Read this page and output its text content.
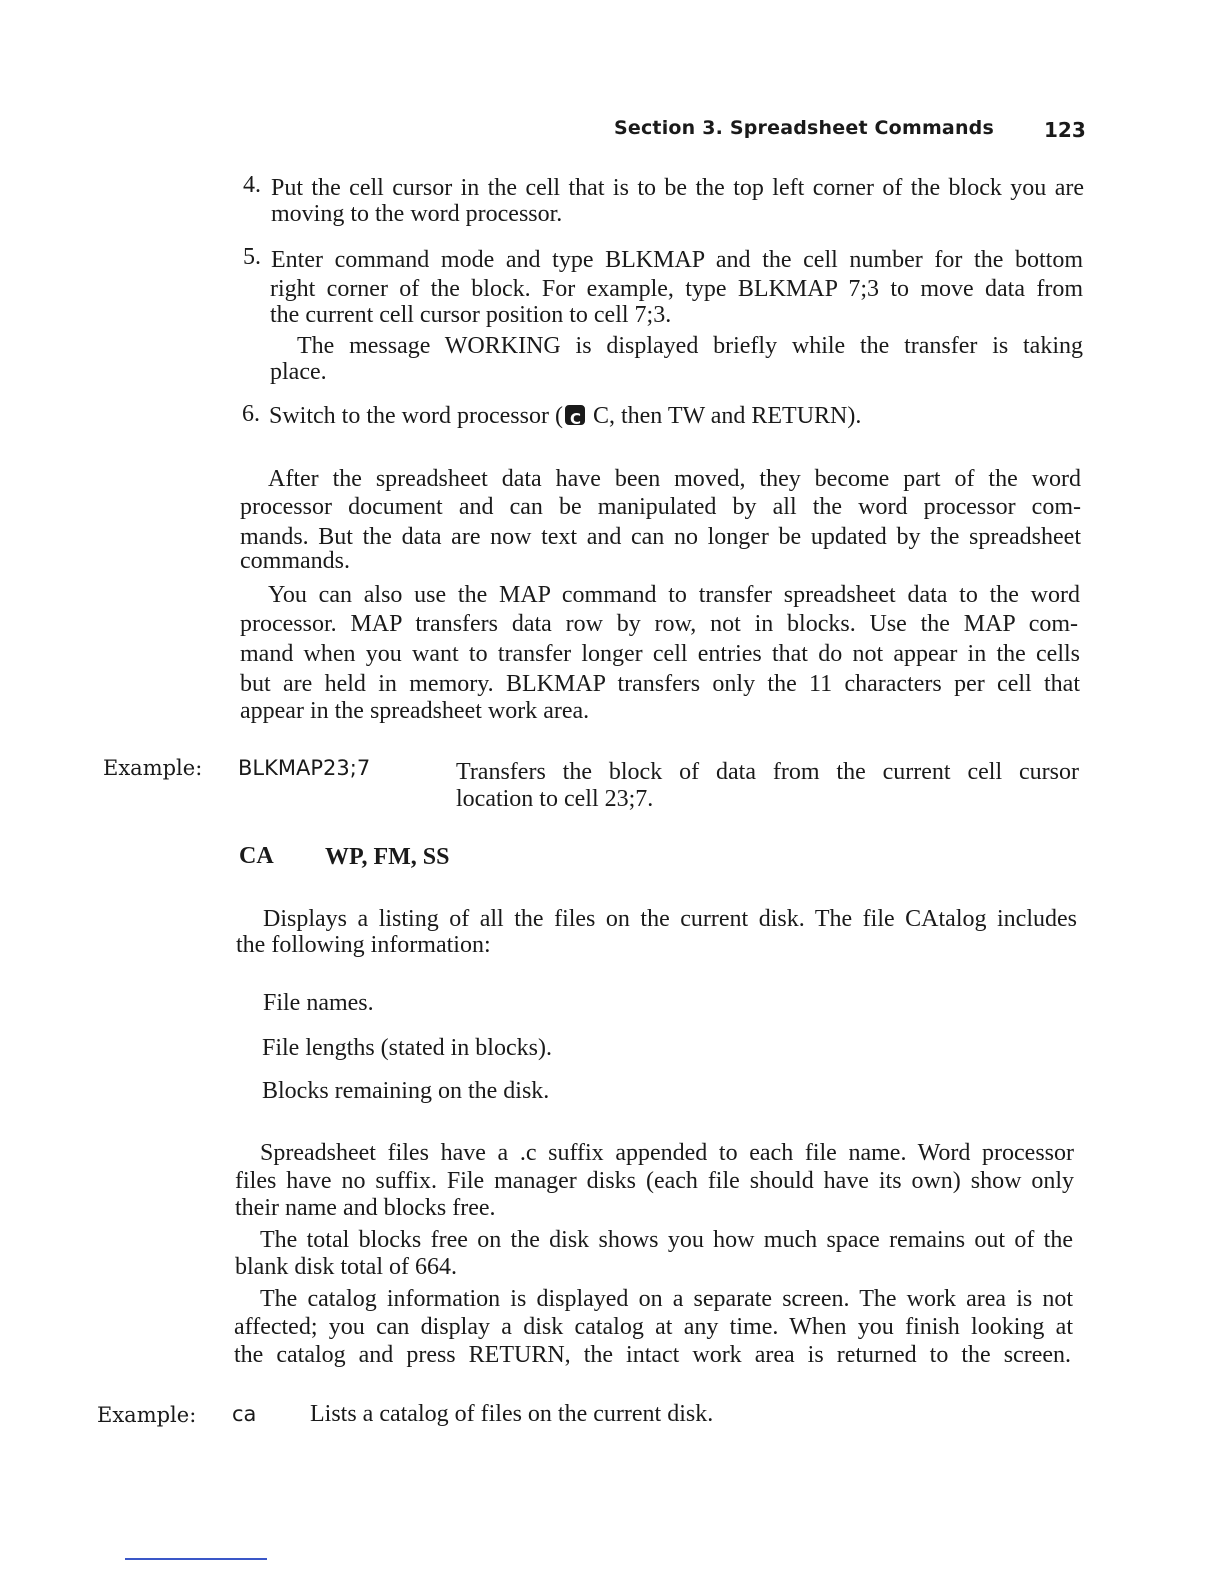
Section 3. Spreadsheet Commands	123
4. Put the cell cursor in the cell that is to be the top left corner of the block you are
moving to the word processor.
5. Enter command mode and type BLKMAP and the cell number for the bottom
right corner of the block. For example, type BLKMAP 7;3 to move data from
the current cell cursor position to cell 7;3.
The message WORKING is displayed briefly while the transfer is taking
place.
6. Switch to the word processor (C C, then TW and RETURN).
After the spreadsheet data have been moved, they become part of the word
processor document and can be manipulated by all the word processor com-
mands. But the data are now text and can no longer be updated by the spreadsheet
commands.
You can also use the MAP command to transfer spreadsheet data to the word
processor. MAP transfers data row by row, not in blocks. Use the MAP com-
mand when you want to transfer longer cell entries that do not appear in the cells
but are held in memory. BLKMAP transfers only the 11 characters per cell that
appear in the spreadsheet work area.
Example: BLKMAP23;7	Transfers the block of data from the current cell cursor
location to cell 23;7.
CA WP, FM, SS
Displays a listing of all the files on the current disk. The file CAtalog includes
the following information:
File names.
File lengths (stated in blocks).
Blocks remaining on the disk.
Spreadsheet files have a .c suffix appended to each file name. Word processor
files have no suffix. File manager disks (each file should have its own) show only
their name and blocks free.
The total blocks free on the disk shows you how much space remains out of the
blank disk total of 664.
The catalog information is displayed on a separate screen. The work area is not
affected; you can display a disk catalog at any time. When you finish looking at
the catalog and press RETURN, the intact work area is returned to the screen.
Example: ca Lists a catalog of files on the current disk.
